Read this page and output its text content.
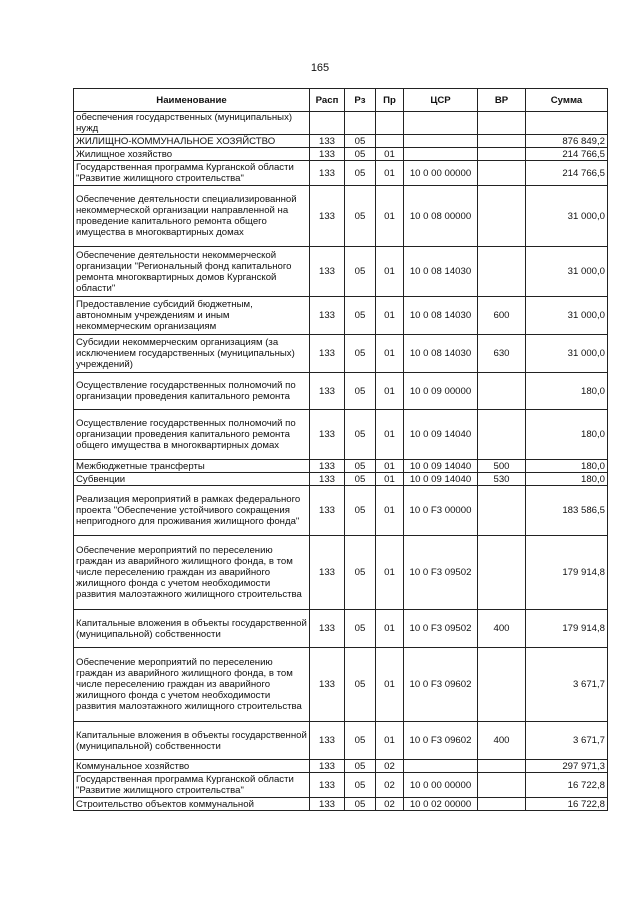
165
Наименование	Расп	Рз	Пр	ЦСР	ВР	Сумма
обеспечения государственных (муниципальных) нужд						
ЖИЛИЩНО-КОММУНАЛЬНОЕ ХОЗЯЙСТВО	133	05				876 849,2
Жилищное хозяйство	133	05	01			214 766,5
Государственная программа Курганской области "Развитие жилищного строительства"	133	05	01	10 0 00 00000		214 766,5
Обеспечение деятельности специализированной некоммерческой организации направленной на проведение капитального ремонта общего имущества в многоквартирных домах	133	05	01	10 0 08 00000		31 000,0
Обеспечение деятельности некоммерческой организации "Региональный фонд капитального ремонта многоквартирных домов Курганской области"	133	05	01	10 0 08 14030		31 000,0
Предоставление субсидий бюджетным, автономным учреждениям и иным некоммерческим организациям	133	05	01	10 0 08 14030	600	31 000,0
Субсидии некоммерческим организациям (за исключением государственных (муниципальных) учреждений)	133	05	01	10 0 08 14030	630	31 000,0
Осуществление государственных полномочий по организации проведения капитального ремонта	133	05	01	10 0 09 00000		180,0
Осуществление государственных полномочий по организации проведения капитального ремонта общего имущества в многоквартирных домах	133	05	01	10 0 09 14040		180,0
Межбюджетные трансферты	133	05	01	10 0 09 14040	500	180,0
Субвенции	133	05	01	10 0 09 14040	530	180,0
Реализация мероприятий в рамках федерального проекта "Обеспечение устойчивого сокращения непригодного для проживания жилищного фонда"	133	05	01	10 0 F3 00000		183 586,5
Обеспечение мероприятий по переселению граждан из аварийного жилищного фонда, в том числе переселению граждан из аварийного жилищного фонда с учетом необходимости развития малоэтажного жилищного строительства	133	05	01	10 0 F3 09502		179 914,8
Капитальные вложения в объекты государственной (муниципальной) собственности	133	05	01	10 0 F3 09502	400	179 914,8
Обеспечение мероприятий по переселению граждан из аварийного жилищного фонда, в том числе переселению граждан из аварийного жилищного фонда с учетом необходимости развития малоэтажного жилищного строительства	133	05	01	10 0 F3 09602		3 671,7
Капитальные вложения в объекты государственной (муниципальной) собственности	133	05	01	10 0 F3 09602	400	3 671,7
Коммунальное хозяйство	133	05	02			297 971,3
Государственная программа Курганской области "Развитие жилищного строительства"	133	05	02	10 0 00 00000		16 722,8
Строительство объектов коммунальной	133	05	02	10 0 02 00000		16 722,8
